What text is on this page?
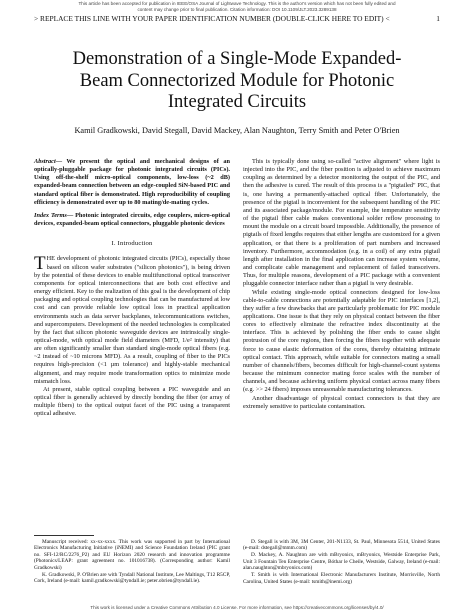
This article has been accepted for publication in IEEE/OSA Journal of Lightwave Technology. This is the author's version which has not been fully edited and
content may change prior to final publication. Citation information: DOI 10.1109/JLT.2023.3289138
> REPLACE THIS LINE WITH YOUR PAPER IDENTIFICATION NUMBER (DOUBLE-CLICK HERE TO EDIT) <	1
Demonstration of a Single-Mode Expanded-
Beam Connectorized Module for Photonic
Integrated Circuits
Kamil Gradkowski, David Stegall, David Mackey, Alan Naughton, Terry Smith and Peter O'Brien

Abstract— We present the optical and mechanical designs of an optically-pluggable package for photonic integrated circuits (PICs). Using off-the-shelf micro-optical components, low-loss (~2 dB) expanded-beam connection between an edge-coupled SiN-based PIC and standard optical fiber is demonstrated. High reproducibility of coupling efficiency is demonstrated over up to 80 mating/de-mating cycles.

Index Terms— Photonic integrated circuits, edge couplers, micro-optical devices, expanded-beam optical connectors, pluggable photonic devices

I. Introduction

THE development of photonic integrated circuits (PICs), especially those based on silicon wafer substrates ("silicon photonics"), is being driven by the potential of these devices to enable multifunctional optical transceiver components for optical interconnections that are both cost effective and energy efficient. Key to the realization of this goal is the development of chip packaging and optical coupling technologies that can be manufactured at low cost and can provide reliable low optical loss in practical application environments such as data server backplanes, telecommunications switches, and supercomputers. Development of the needed technologies is complicated by the fact that silicon photonic waveguide devices are intrinsically single-optical-mode, with optical mode field diameters (MFD, 1/e² intensity) that are often significantly smaller than standard single-mode optical fibers (e.g. ~2 instead of ~10 microns MFD). As a result, coupling of fiber to the PICs requires high-precision (<1 µm tolerance) and highly-stable mechanical alignment, and may require mode transformation optics to minimize mode mismatch loss.

At present, stable optical coupling between a PIC waveguide and an optical fiber is generally achieved by directly bonding the fiber (or array of multiple fibers) to the optical output facet of the PIC using a transparent optical adhesive.

This is typically done using so-called "active alignment" where light is injected into the PIC, and the fiber position is adjusted to achieve maximum coupling as determined by a detector monitoring the output of the PIC, and then the adhesive is cured. The result of this process is a "pigtailed" PIC, that is, one having a permanently-attached optical fiber. Unfortunately, the presence of the pigtail is inconvenient for the subsequent handling of the PIC and its associated package/module. For example, the temperature sensitivity of the pigtail fiber cable makes conventional solder reflow processing to mount the module on a circuit board impossible. Additionally, the presence of pigtails of fixed lengths requires that either lengths are customized for a given application, or that there is a proliferation of part numbers and increased inventory. Furthermore, accommodation (e.g. in a coil) of any extra pigtail length after installation in the final application can increase system volume, and complicate cable management and replacement of failed transceivers. Thus, for multiple reasons, development of a PIC package with a convenient pluggable connector interface rather than a pigtail is very desirable.

While existing single-mode optical connectors designed for low-loss cable-to-cable connections are potentially adaptable for PIC interfaces [1,2], they suffer a few drawbacks that are particularly problematic for PIC module applications. One issue is that they rely on physical contact between the fiber cores to effectively eliminate the refractive index discontinuity at the interface. This is achieved by polishing the fiber ends to cause slight protrusion of the core regions, then forcing the fibers together with adequate force to cause elastic deformation of the cores, thereby obtaining intimate optical contact. This approach, while suitable for connectors mating a small number of channels/fibers, becomes difficult for high-channel-count systems because the minimum connector mating force scales with the number of channels, and because achieving uniform physical contact across many fibers (e.g. >> 24 fibers) imposes unreasonable manufacturing tolerances.

Another disadvantage of physical contact connectors is that they are extremely sensitive to particulate contamination.

Manuscript received: xx-xx-xxxx. This work was supported in part by International Electronics Manufacturing Initiative (iNEMI) and Science Foundation Ireland (PIC grant no. SFI-12/RC/2276_P2) and EU Horizon 2020 research and innovation programme (Photonics/LEAP: grant agreement no. 101016738). (Corresponding author: Kamil Gradkowski)

K. Gradkowski, P. O'Brien are with Tyndall National Institute, Lee Maltings, T12 R5CP, Cork, Ireland (e-mail: kamil.gradkowski@tyndall.ie; peter.obrien@tyndall.ie).

D. Stegall is with 3M, 3M Center, 201-N1133, St. Paul, Minnesota 5514, United States (e-mail: dstegall@mmm.com)

D. Mackey, A. Naughton are with mBryonics, mBryonics, Westside Enterprise Park, Unit 3 Fountain Ten Enterprise Centre, Bóthar le Cheile, Westside, Galway, Ireland (e-mail: alan.naughton@mbryonics.com)

T. Smith is with International Electronic Manufacturers Institute, Morrisville, North Carolina, United States (e-mail: tsmith@inemi.org)

This work is licensed under a Creative Commons Attribution 4.0 License. For more information, see https://creativecommons.org/licenses/by/4.0/
